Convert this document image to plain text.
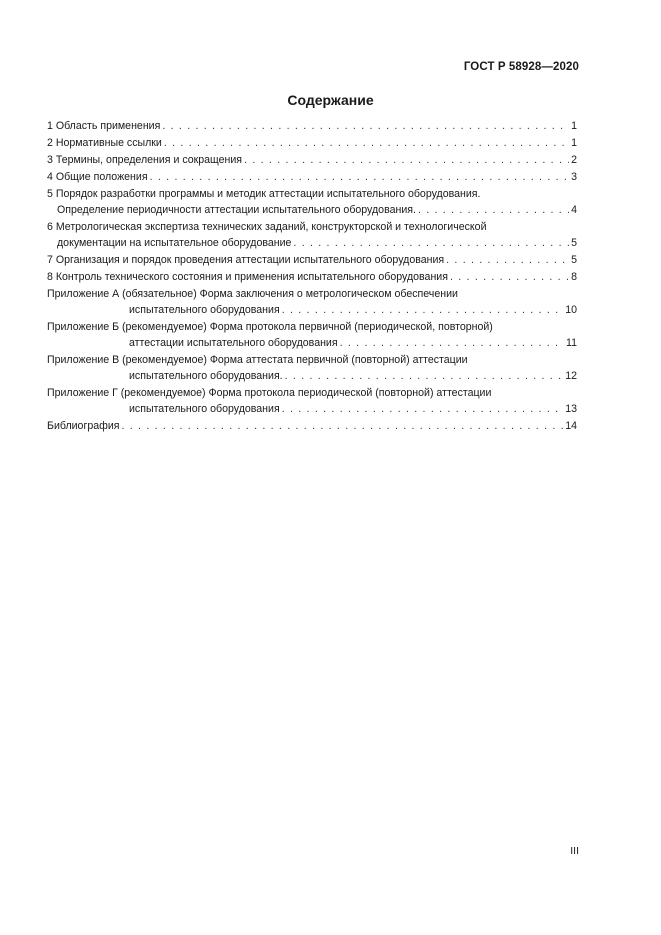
ГОСТ Р 58928—2020
Содержание
1 Область применения . . .	1
2 Нормативные ссылки . . .	1
3 Термины, определения и сокращения . . .	2
4 Общие положения . . .	3
5 Порядок разработки программы и методик аттестации испытательного оборудования.
Определение периодичности аттестации испытательного оборудования. . . .	4
6 Метрологическая экспертиза технических заданий, конструкторской и технологической
документации на испытательное оборудование . . .	5
7 Организация и порядок проведения аттестации испытательного оборудования . . .	5
8 Контроль технического состояния и применения испытательного оборудования . . .	8
Приложение А (обязательное) Форма заключения о метрологическом обеспечении
испытательного оборудования . . .	10
Приложение Б (рекомендуемое) Форма протокола первичной (периодической, повторной)
аттестации испытательного оборудования . . .	11
Приложение В (рекомендуемое) Форма аттестата первичной (повторной) аттестации
испытательного оборудования. . . .	12
Приложение Г (рекомендуемое) Форма протокола периодической (повторной) аттестации
испытательного оборудования . . .	13
Библиография . . .	14
III
